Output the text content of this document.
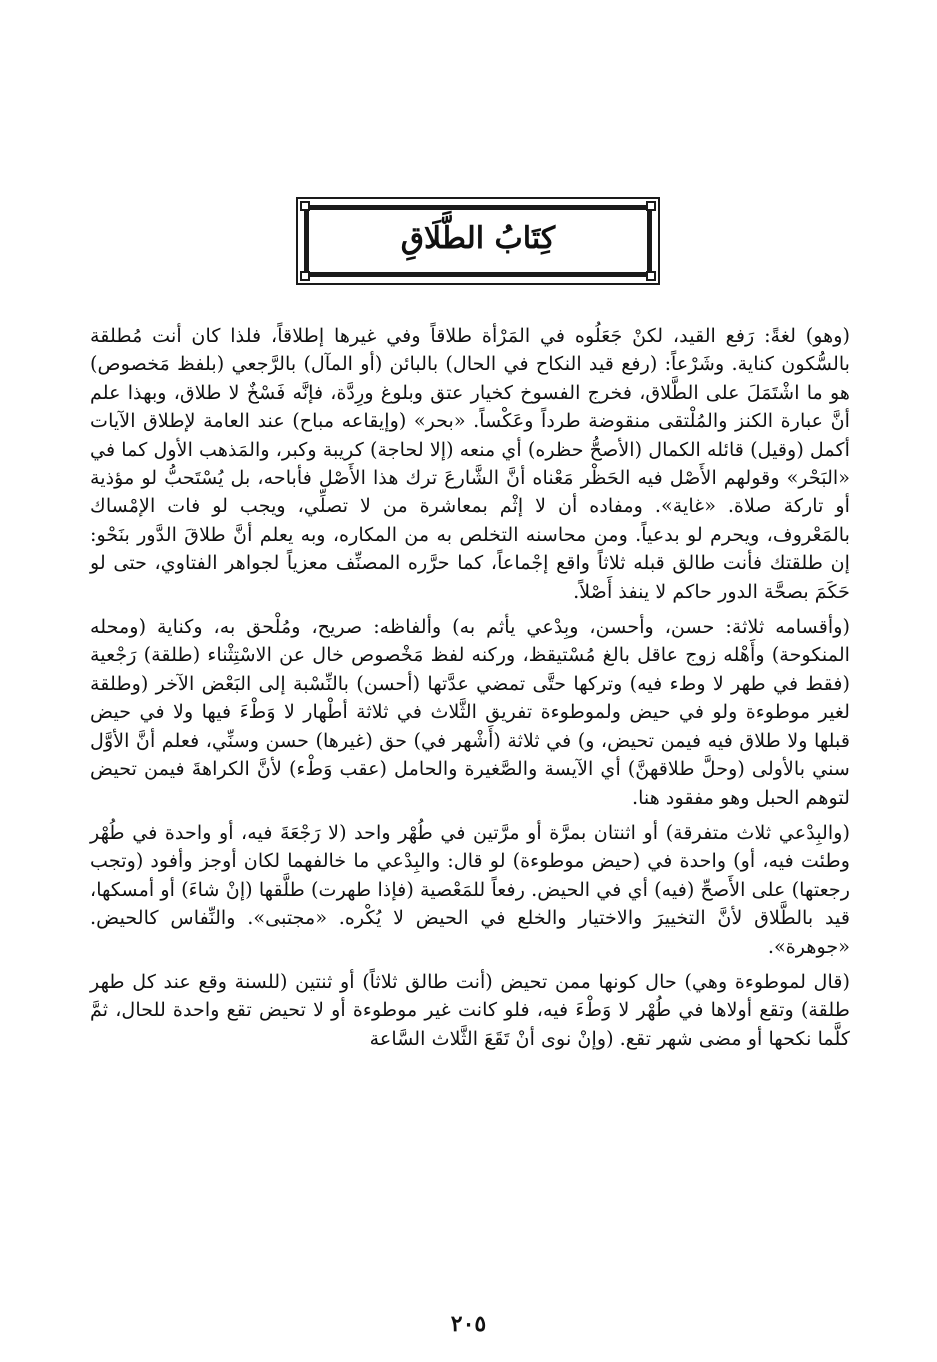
كِتَابُ الطَّلَاقِ

(وهو) لغةً: رَفع القيد، لكنْ جَعَلُوه في المَرْأة طلاقاً وفي غيرها إطلاقاً، فلذا كان أنت مُطلقة بالسُّكون كناية. وشَرْعاً: (رفع قيد النكاح في الحال) بالبائن (أو المآل) بالرَّجعي (بلفظ مَخصوص) هو ما اشْتَمَلَ على الطَّلاق، فخرج الفسوخ كخيار عتق وبلوغ ورِدَّة، فإنَّه فَسْخٌ لا طلاق، وبهذا علم أنَّ عبارة الكنز والمُلْتقى منقوضة طرداً وعَكْساً. «بحر» (وإيقاعه مباح) عند العامة لإطلاق الآيات أكمل (وقيل) قائله الكمال (الأصحُّ حظره) أي منعه (إلا لحاجة) كريبة وكبر، والمَذهب الأول كما في «البَحْر» وقولهم الأَصْل فيه الحَظْر مَعْناه أنَّ الشَّارعَ ترك هذا الأَصْل فأباحه، بل يُسْتَحبُّ لو مؤذية أو تاركة صلاة. «غاية». ومفاده أن لا إثْم بمعاشرة من لا تصلِّي، ويجب لو فات الإمْساك بالمَعْروف، ويحرم لو بدعياً. ومن محاسنه التخلص به من المكاره، وبه يعلم أنَّ طلاقَ الدَّور بنَحْو: إن طلقتك فأنت طالق قبله ثلاثاً واقع إجْماعاً، كما حرَّره المصنِّف معزياً لجواهر الفتاوي، حتى لو حَكَمَ بصحَّة الدور حاكم لا ينفذ أَصْلاً.

(وأقسامه ثلاثة: حسن، وأحسن، وبِدْعي يأثم به) وألفاظه: صريح، ومُلْحق به، وكناية (ومحله المنكوحة) وأَهْله زوج عاقل بالغ مُسْتيقظ، وركنه لفظ مَخْصوص خال عن الاسْتِثْناء (طلقة) رَجْعية (فقط في طهر لا وطء فيه) وتركها حتَّى تمضي عدَّتها (أحسن) بالنِّسْبة إلى البَعْض الآخر (وطلقة لغير موطوءة ولو في حيض ولموطوءة تفريق الثَّلاث في ثلاثة أطْهار لا وَطْءَ فيها ولا في حيض قبلها ولا طلاق فيه فيمن تحيض، و) في ثلاثة (أَشْهر في) حق (غيرها) حسن وسنِّي، فعلم أنَّ الأوَّل سني بالأولى (وحلَّ طلاقهنَّ) أي الآيسة والصَّغيرة والحامل (عقب وَطْء) لأنَّ الكراهةَ فيمن تحيض لتوهم الحبل وهو مفقود هنا.

(والبِدْعي ثلاث متفرقة) أو اثنتان بمرَّة أو مرَّتين في طُهْر واحد (لا رَجْعَةَ فيه، أو واحدة في طُهْر وطئت فيه، أو) واحدة في (حيض موطوءة) لو قال: والبِدْعي ما خالفهما لكان أوجز وأفود (وتجب رجعتها) على الأَصحِّ (فيه) أي في الحيض. رفعاً للمَعْصية (فإذا طهرت) طلَّقها (إنْ شاءَ) أو أمسكها، قيد بالطَّلاق لأنَّ التخييرَ والاختيار والخلع في الحيض لا يُكْره. «مجتبى». والنِّفاس كالحيض. «جوهرة».

(قال لموطوءة وهي) حال كونها ممن تحيض (أنت طالق ثلاثاً) أو ثنتين (للسنة وقع عند كل طهر طلقة) وتقع أولاها في طُهْر لا وَطْءَ فيه، فلو كانت غير موطوءة أو لا تحيض تقع واحدة للحال، ثمَّ كلَّما نكحها أو مضى شهر تقع. (وإنْ نوى أنْ تَقَعَ الثَّلاث السَّاعة

٢٠٥
